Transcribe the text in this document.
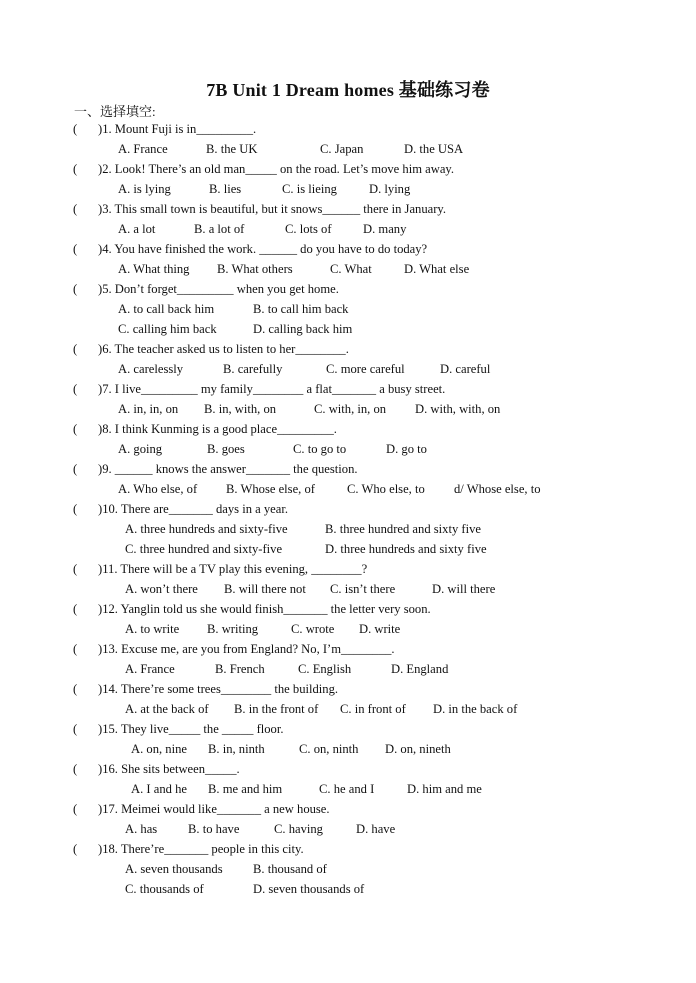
7B Unit 1 Dream homes 基础练习卷
一、选择填空:
(	)1. Mount Fuji is in_________.
A. France	B. the UK	C. Japan	D. the USA
(	)2. Look! There’s an old man_____ on the road. Let’s move him away.
A. is lying	B. lies	C. is lieing	D. lying
(	)3. This small town is beautiful, but it snows______ there in January.
A. a lot	B. a lot of	C. lots of D. many
(	)4. You have finished the work. ______ do you have to do today?
A. What thing B. What others	C. What	D. What else
(	)5. Don’t forget_________ when you get home.
A. to call back him	B. to call him back
C. calling him back	D. calling back him
(	)6. The teacher asked us to listen to her________.
A. carelessly	B. carefully	C. more careful	D. careful
(	)7. I live_________ my family________ a flat_______ a busy street.
A. in, in, on B. in, with, on	C. with, in, on D. with, with, on
(	)8. I think Kunming is a good place_________.
A. going	B. goes	C. to go to	D. go to
(	)9. ______ knows the answer_______ the question.
A. Who else, of B. Whose else, of	C. Who else, to d/ Whose else, to
(	)10. There are_______ days in a year.
A. three hundreds and sixty-five	B. three hundred and sixty five
C. three hundred and sixty-five	D. three hundreds and sixty five
(	)11. There will be a TV play this evening, ________?
A. won’t there B. will there not C. isn’t there	D. will there
(	)12. Yanglin told us she would finish_______ the letter very soon.
A. to write B. writing	C. wrote D. write
(	)13. Excuse me, are you from England? No, I’m________.
A. France	B. French	C. English	D. England
(	)14. There’re some trees________ the building.
A. at the back of B. in the front of C. in front of D. in the back of
(	)15. They live_____ the _____ floor.
A. on, nine B. in, ninth	C. on, ninth D. on, nineth
(	)16. She sits between_____.
A. I and he B. me and him	C. he and I	D. him and me
(	)17. Meimei would like_______ a new house.
A. has B. to have	C. having	D. have
(	)18. There’re_______ people in this city.
A. seven thousands B. thousand of
C. thousands of	D. seven thousands of
